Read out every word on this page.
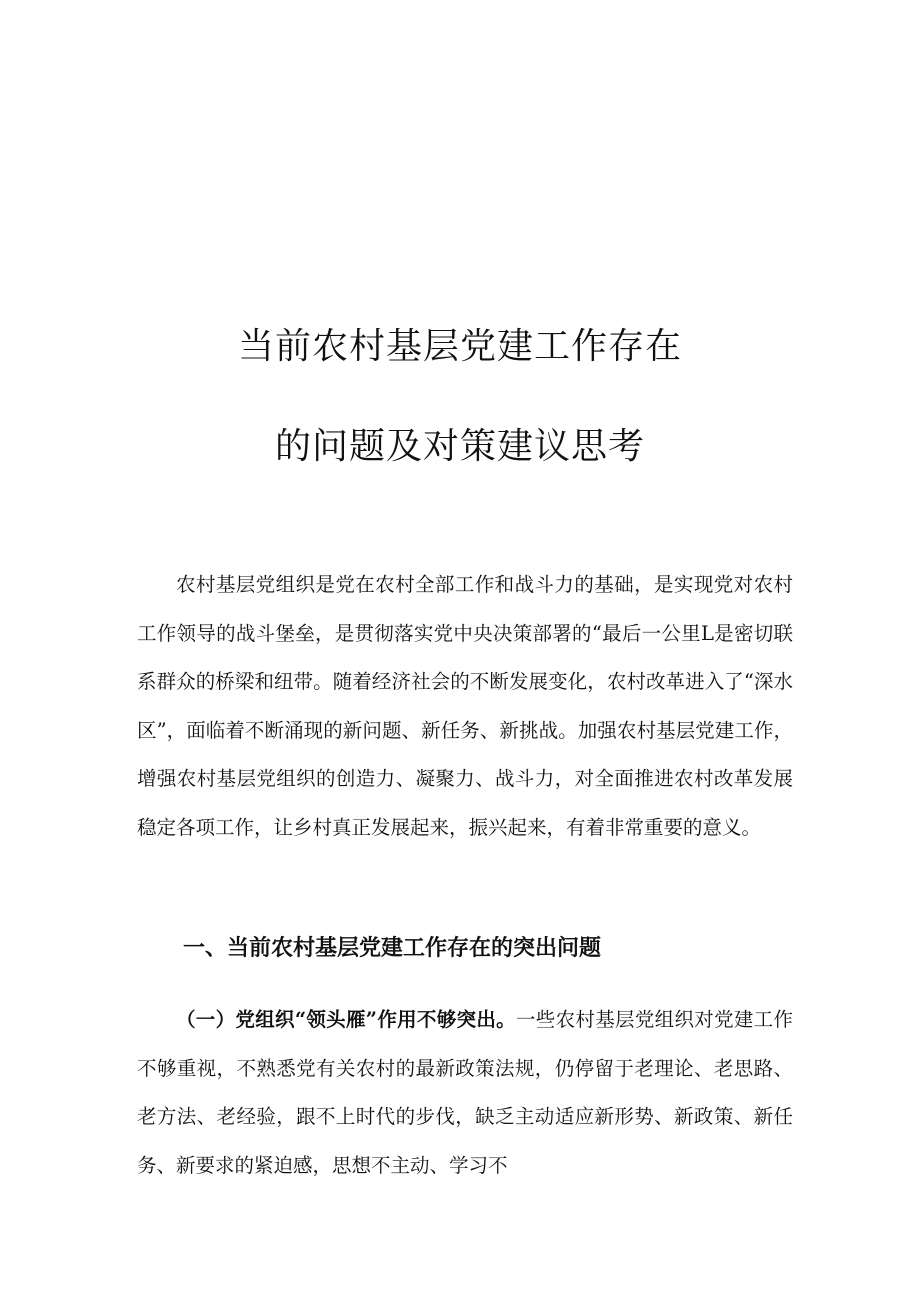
当前农村基层党建工作存在
的问题及对策建议思考

农村基层党组织是党在农村全部工作和战斗力的基础，是实现党对农村工作领导的战斗堡垒，是贯彻落实党中央决策部署的“最后一公里L是密切联系群众的桥梁和纽带。随着经济社会的不断发展变化，农村改革进入了“深水区”，面临着不断涌现的新问题、新任务、新挑战。加强农村基层党建工作，增强农村基层党组织的创造力、凝聚力、战斗力，对全面推进农村改革发展稳定各项工作，让乡村真正发展起来，振兴起来，有着非常重要的意义。

一、当前农村基层党建工作存在的突出问题

（一）党组织“领头雁”作用不够突出。一些农村基层党组织对党建工作不够重视，不熟悉党有关农村的最新政策法规，仍停留于老理论、老思路、老方法、老经验，跟不上时代的步伐，缺乏主动适应新形势、新政策、新任务、新要求的紧迫感，思想不主动、学习不
